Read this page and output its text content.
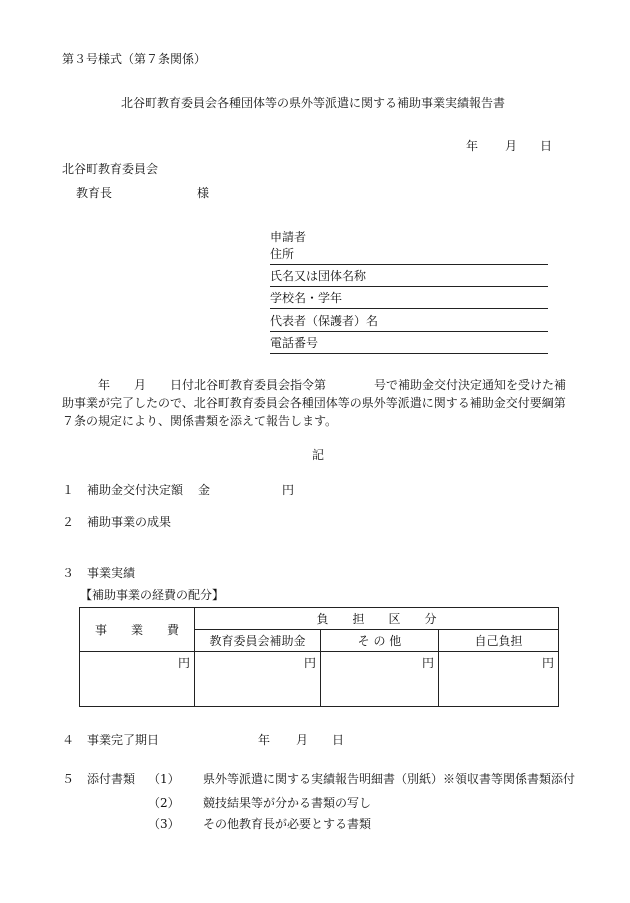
第３号様式（第７条関係）
北谷町教育委員会各種団体等の県外等派遣に関する補助事業実績報告書
年 月 日
北谷町教育委員会
教育長	様
申請者
住所
氏名又は団体名称
学校名・学年
代表者（保護者）名
電話番号

年　　月　　日付北谷町教育委員会指令第　　　　号で補助金交付決定通知を受けた補
助事業が完了したので、北谷町教育委員会各種団体等の県外等派遣に関する補助金交付要綱第
７条の規定により、関係書類を添えて報告します。

記
１ 補助金交付決定額 金	円
２ 補助事業の成果
３ 事業実績
【補助事業の経費の配分】
事　　業　　費	負　　担　　区　　分		
	教育委員会補助金	そ の 他	自己負担
円	円	円	円
４ 事業完了期日	年 月 日
５ 添付書類 （1） 県外等派遣に関する実績報告明細書（別紙）※領収書等関係書類添付
（2） 競技結果等が分かる書類の写し
（3） その他教育長が必要とする書類
